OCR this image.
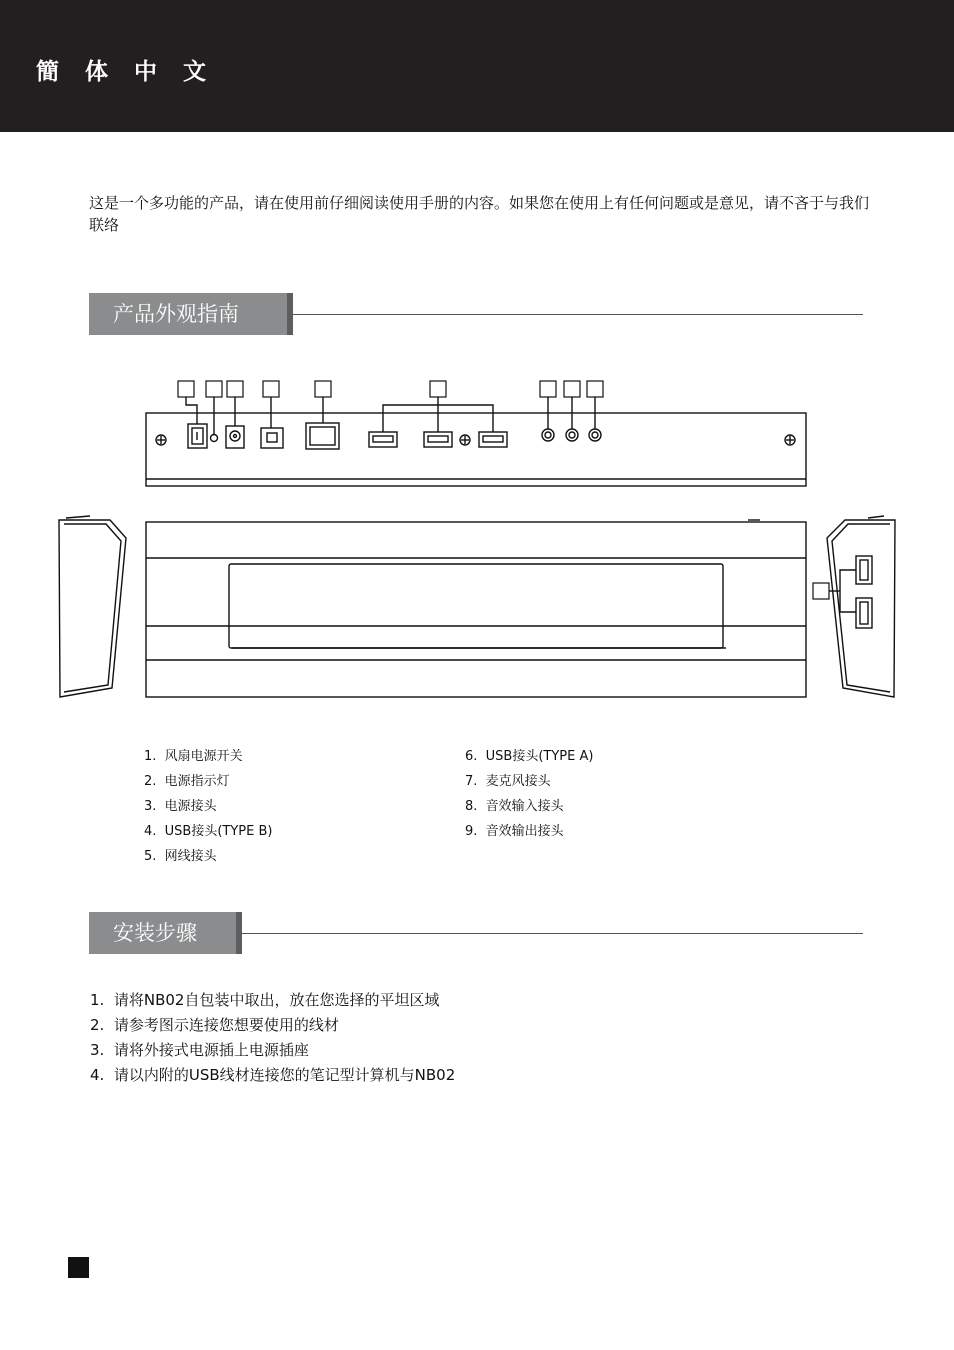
簡 体 中 文
这是一个多功能的产品，请在使用前仔细阅读使用手册的内容。如果您在使用上有任何问题或是意见，请不吝于与我们联络
产品外观指南
1.  风扇电源开关
2.  电源指示灯
3.  电源接头
4.  USB接头(TYPE B)
5.  网线接头
6.  USB接头(TYPE A)
7.  麦克风接头
8.  音效输入接头
9.  音效输出接头
安装步骤
1.  请将NB02自包装中取出，放在您选择的平坦区域
2.  请参考图示连接您想要使用的线材
3.  请将外接式电源插上电源插座
4.  请以内附的USB线材连接您的笔记型计算机与NB02
